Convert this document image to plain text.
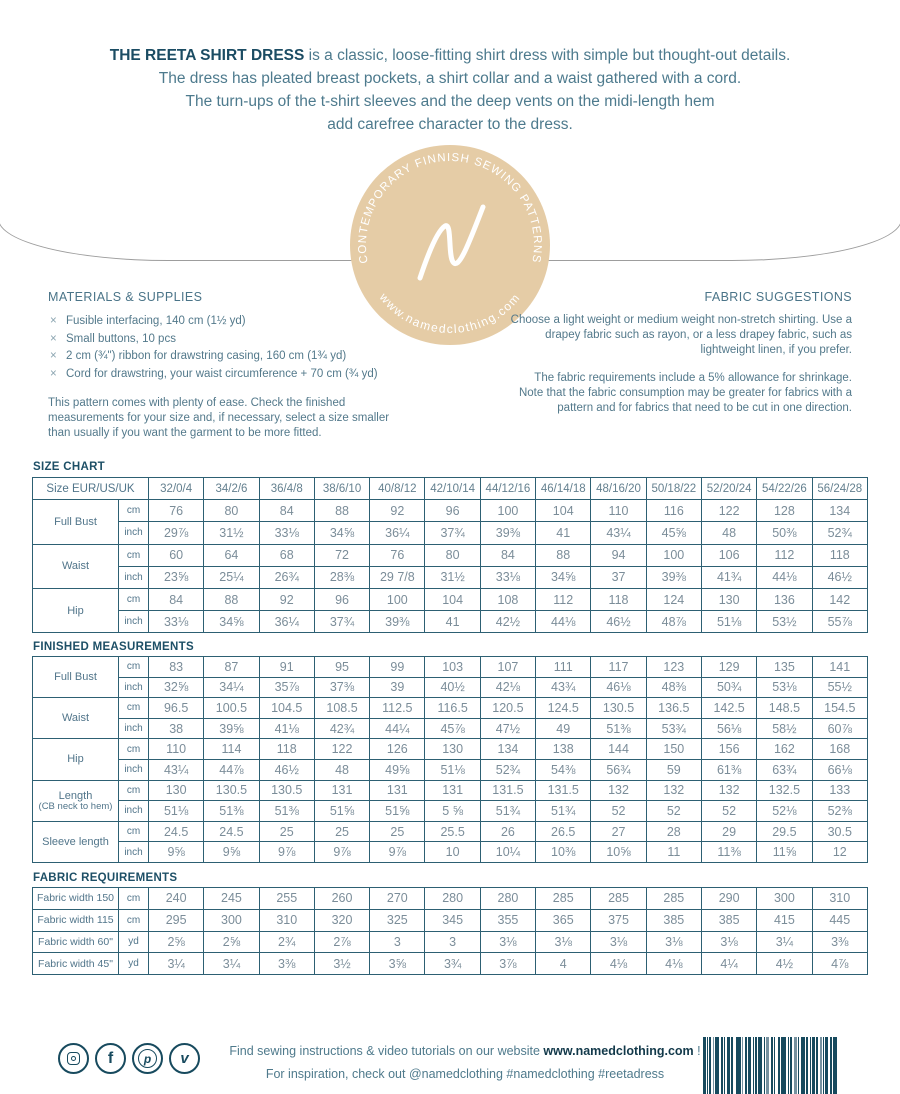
THE REETA SHIRT DRESS is a classic, loose-fitting shirt dress with simple but thought-out details.
The dress has pleated breast pockets, a shirt collar and a waist gathered with a cord.
The turn-ups of the t-shirt sleeves and the deep vents on the midi-length hem
add carefree character to the dress.
CONTEMPORARY FINNISH SEWING PATTERNS
www.namedclothing.com
MATERIALS & SUPPLIES
× Fusible interfacing, 140 cm (1½ yd)
× Small buttons, 10 pcs
× 2 cm (¾") ribbon for drawstring casing, 160 cm (1¾ yd)
× Cord for drawstring, your waist circumference + 70 cm (¾ yd)
This pattern comes with plenty of ease. Check the finished measurements for your size and, if necessary, select a size smaller than usually if you want the garment to be more fitted.
FABRIC SUGGESTIONS
Choose a light weight or medium weight non-stretch shirting. Use a drapey fabric such as rayon, or a less drapey fabric, such as lightweight linen, if you prefer.
The fabric requirements include a 5% allowance for shrinkage. Note that the fabric consumption may be greater for fabrics with a pattern and for fabrics that need to be cut in one direction.
SIZE CHART
Size EUR/US/UK		32/0/4	34/2/6	36/4/8	38/6/10	40/8/12	42/10/14	44/12/16	46/14/18	48/16/20	50/18/22	52/20/24	54/22/26	56/24/28

Full Bust	cm	76	80	84	88	92	96	100	104	110	116	122	128	134
	inch	29⅞	31½	33⅛	34⅝	36¼	37¾	39⅜	41	43¼	45⅝	48	50⅜	52¾

Waist	cm	60	64	68	72	76	80	84	88	94	100	106	112	118
	inch	23⅝	25¼	26¾	28⅜	29 7/8	31½	33⅛	34⅝	37	39⅜	41¾	44⅛	46½

Hip	cm	84	88	92	96	100	104	108	112	118	124	130	136	142
	inch	33⅛	34⅝	36¼	37¾	39⅜	41	42½	44⅛	46½	48⅞	51⅛	53½	55⅞
FINISHED MEASUREMENTS
Full Bust	cm	83	87	91	95	99	103	107	111	117	123	129	135	141
	inch	32⅝	34¼	35⅞	37⅜	39	40½	42⅛	43¾	46⅛	48⅜	50¾	53⅛	55½

Waist	cm	96.5	100.5	104.5	108.5	112.5	116.5	120.5	124.5	130.5	136.5	142.5	148.5	154.5
	inch	38	39⅝	41⅛	42¾	44¼	45⅞	47½	49	51⅜	53¾	56⅛	58½	60⅞

Hip	cm	110	114	118	122	126	130	134	138	144	150	156	162	168
	inch	43¼	44⅞	46½	48	49⅝	51⅛	52¾	54⅜	56¾	59	61⅜	63¾	66⅛

Length
(CB neck to hem)	cm	130	130.5	130.5	131	131	131	131.5	131.5	132	132	132	132.5	133
	inch	51⅛	51⅜	51⅜	51⅝	51⅝	5 ⅝	51¾	51¾	52	52	52	52⅛	52⅜

Sleeve length	cm	24.5	24.5	25	25	25	25.5	26	26.5	27	28	29	29.5	30.5
	inch	9⅝	9⅝	9⅞	9⅞	9⅞	10	10¼	10⅜	10⅝	11	11⅜	11⅝	12
FABRIC REQUIREMENTS
Fabric width 150	cm	240	245	255	260	270	280	280	285	285	285	290	300	310
Fabric width 115	cm	295	300	310	320	325	345	355	365	375	385	385	415	445
Fabric width 60"	yd	2⅝	2⅝	2¾	2⅞	3	3	3⅛	3⅛	3⅛	3⅛	3⅛	3¼	3⅜
Fabric width 45"	yd	3¼	3¼	3⅜	3½	3⅝	3¾	3⅞	4	4⅛	4⅛	4¼	4½	4⅞
f	p	v	Find sewing instructions & video tutorials on our website www.namedclothing.com !
For inspiration, check out @namedclothing #namedclothing #reetadress
